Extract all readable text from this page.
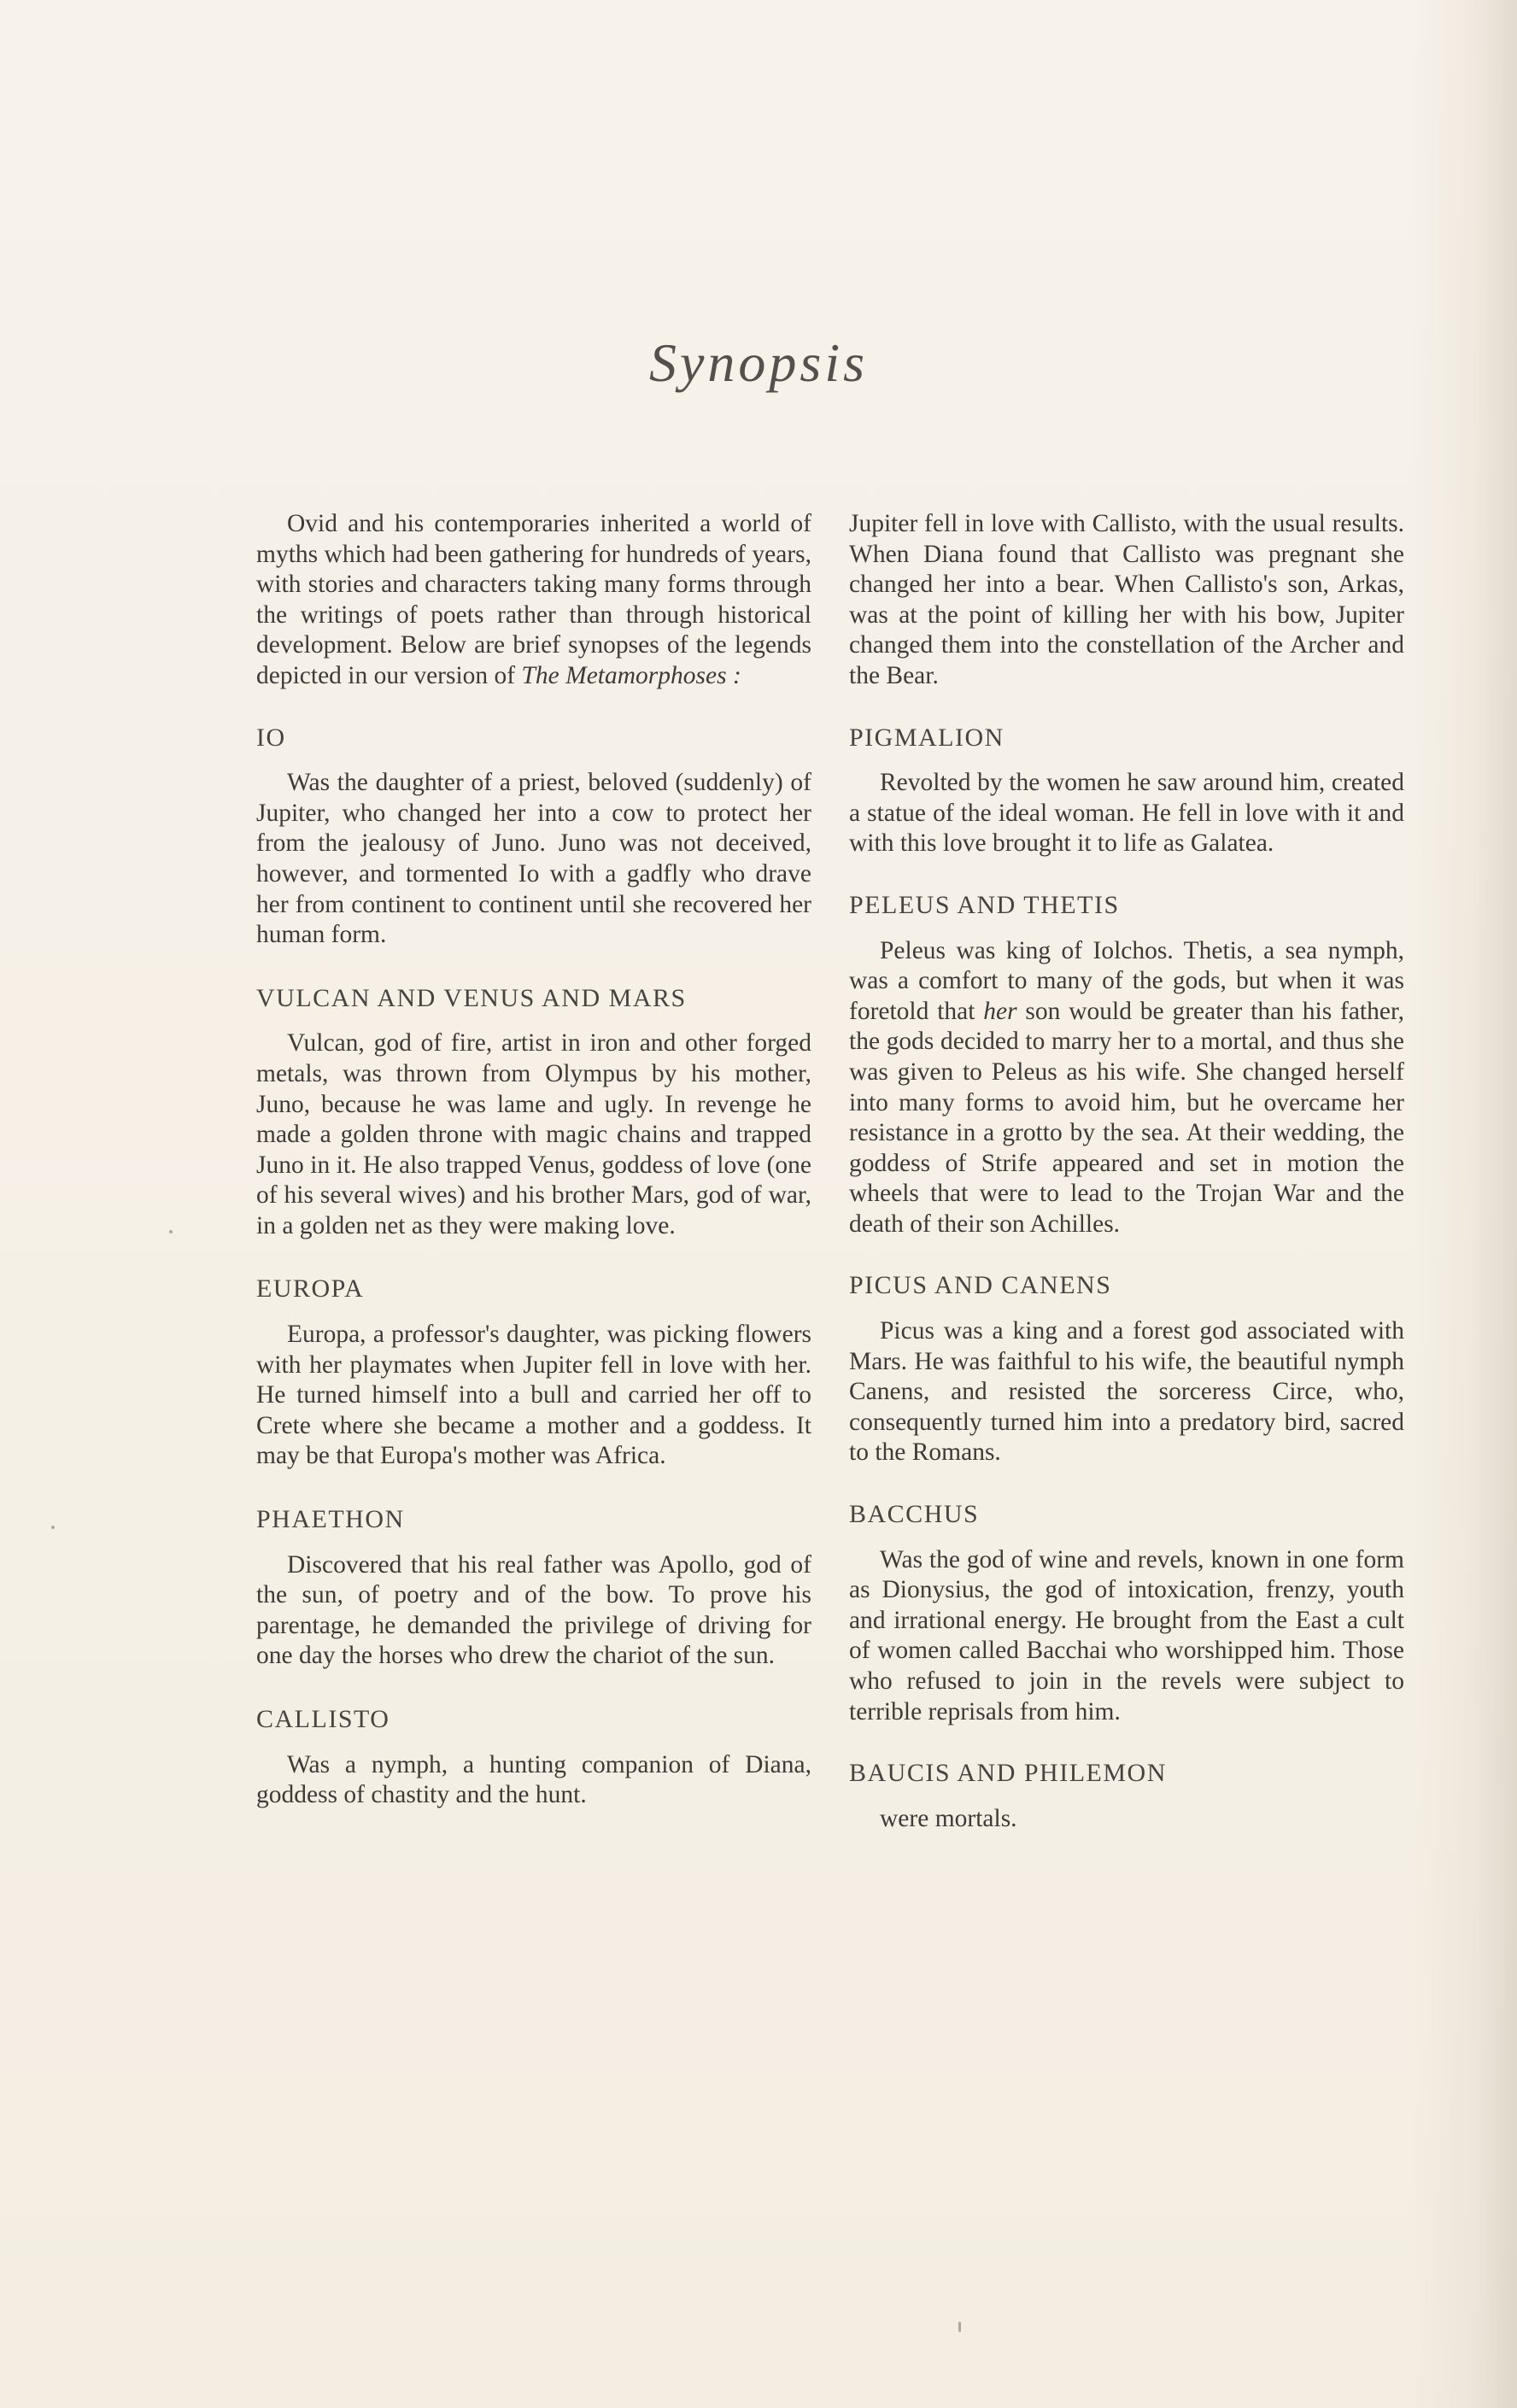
Synopsis

Ovid and his contemporaries inherited a world of myths which had been gathering for hundreds of years, with stories and characters taking many forms through the writings of poets rather than through historical development. Below are brief synopses of the legends depicted in our version of The Metamorphoses :

IO

Was the daughter of a priest, beloved (suddenly) of Jupiter, who changed her into a cow to protect her from the jealousy of Juno. Juno was not deceived, however, and tormented Io with a gadfly who drave her from continent to continent until she recovered her human form.

VULCAN AND VENUS AND MARS

Vulcan, god of fire, artist in iron and other forged metals, was thrown from Olympus by his mother, Juno, because he was lame and ugly. In revenge he made a golden throne with magic chains and trapped Juno in it. He also trapped Venus, goddess of love (one of his several wives) and his brother Mars, god of war, in a golden net as they were making love.

EUROPA

Europa, a professor's daughter, was picking flowers with her playmates when Jupiter fell in love with her. He turned himself into a bull and carried her off to Crete where she became a mother and a goddess. It may be that Europa's mother was Africa.

PHAETHON

Discovered that his real father was Apollo, god of the sun, of poetry and of the bow. To prove his parentage, he demanded the privilege of driving for one day the horses who drew the chariot of the sun.

CALLISTO

Was a nymph, a hunting companion of Diana, goddess of chastity and the hunt.

Jupiter fell in love with Callisto, with the usual results. When Diana found that Callisto was pregnant she changed her into a bear. When Callisto's son, Arkas, was at the point of killing her with his bow, Jupiter changed them into the constellation of the Archer and the Bear.

PIGMALION

Revolted by the women he saw around him, created a statue of the ideal woman. He fell in love with it and with this love brought it to life as Galatea.

PELEUS AND THETIS

Peleus was king of Iolchos. Thetis, a sea nymph, was a comfort to many of the gods, but when it was foretold that her son would be greater than his father, the gods decided to marry her to a mortal, and thus she was given to Peleus as his wife. She changed herself into many forms to avoid him, but he overcame her resistance in a grotto by the sea. At their wedding, the goddess of Strife appeared and set in motion the wheels that were to lead to the Trojan War and the death of their son Achilles.

PICUS AND CANENS

Picus was a king and a forest god associated with Mars. He was faithful to his wife, the beautiful nymph Canens, and resisted the sorceress Circe, who, consequently turned him into a predatory bird, sacred to the Romans.

BACCHUS

Was the god of wine and revels, known in one form as Dionysius, the god of intoxication, frenzy, youth and irrational energy. He brought from the East a cult of women called Bacchai who worshipped him. Those who refused to join in the revels were subject to terrible reprisals from him.

BAUCIS AND PHILEMON

were mortals.
